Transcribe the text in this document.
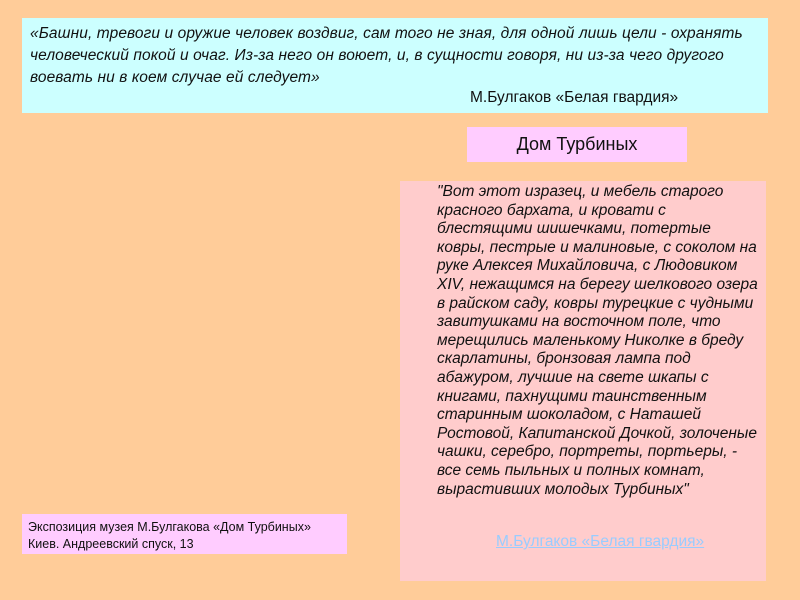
«Башни, тревоги и оружие человек воздвиг, сам того не зная, для одной лишь цели - охранять человеческий покой и очаг. Из-за него он воюет, и, в сущности говоря, ни из-за чего другого воевать ни в коем случае ей следует»

М.Булгаков «Белая гвардия»
Дом Турбиных

"Вот этот изразец, и мебель старого красного бархата, и кровати с блестящими шишечками, потертые ковры, пестрые и малиновые, с соколом на руке Алексея Михайловича, с Людовиком XIV, нежащимся на берегу шелкового озера в райском саду, ковры турецкие с чудными завитушками на восточном поле, что мерещились маленькому Николке в бреду скарлатины, бронзовая лампа под абажуром, лучшие на свете шкапы с книгами, пахнущими таинственным старинным шоколадом, с Наташей Ростовой, Капитанской Дочкой, золоченые чашки, серебро, портреты, портьеры, - все семь пыльных и полных комнат, вырастивших молодых Турбиных"

М.Булгаков «Белая гвардия»
Экспозиция музея М.Булгакова «Дом Турбиных»
Киев. Андреевский спуск, 13
